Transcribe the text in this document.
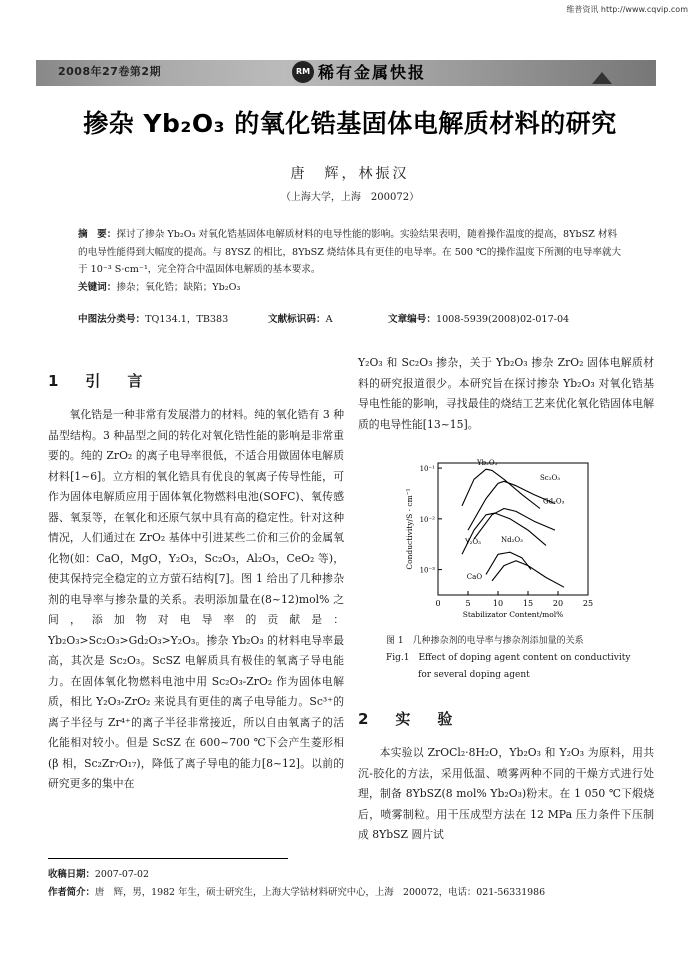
维普资讯 http://www.cqvip.com
2008年27卷第2期	RM 稀有金属快报
掺杂 Yb₂O₃ 的氧化锆基固体电解质材料的研究
唐　辉，林振汉
（上海大学，上海　200072）
摘　要：探讨了掺杂 Yb₂O₃ 对氧化锆基固体电解质材料的电导性能的影响。实验结果表明，随着操作温度的提高，8YbSZ 材料的电导性能得到大幅度的提高。与 8YSZ 的相比，8YbSZ 烧结体具有更佳的电导率。在 500 ℃的操作温度下所测的电导率就大于 10⁻³ S·cm⁻¹，完全符合中温固体电解质的基本要求。
关键词：掺杂；氧化锆；缺陷；Yb₂O₃
中图法分类号：TQ134.1，TB383	文献标识码：A	文章编号：1008-5939(2008)02-017-04
1　引　言

氧化锆是一种非常有发展潜力的材料。纯的氧化锆有 3 种晶型结构。3 种晶型之间的转化对氧化锆性能的影响是非常重要的。纯的 ZrO₂ 的离子电导率很低，不适合用做固体电解质材料[1~6]。立方相的氧化锆具有优良的氧离子传导性能，可作为固体电解质应用于固体氧化物燃料电池(SOFC)、氧传感器、氧泵等，在氧化和还原气氛中具有高的稳定性。针对这种情况，人们通过在 ZrO₂ 基体中引进某些二价和三价的金属氧化物(如：CaO，MgO，Y₂O₃，Sc₂O₃，Al₂O₃，CeO₂ 等)，使其保持完全稳定的立方萤石结构[7]。图 1 给出了几种掺杂剂的电导率与掺杂量的关系。表明添加量在(8~12)mol% 之间，添加物对电导率的贡献是：Yb₂O₃>Sc₂O₃>Gd₂O₃>Y₂O₃。掺杂 Yb₂O₃ 的材料电导率最高，其次是 Sc₂O₃。ScSZ 电解质具有极佳的氧离子导电能力。在固体氧化物燃料电池中用 Sc₂O₃-ZrO₂ 作为固体电解质，相比 Y₂O₃-ZrO₂ 来说具有更佳的离子电导能力。Sc³⁺的离子半径与 Zr⁴⁺的离子半径非常接近，所以自由氧离子的活化能相对较小。但是 ScSZ 在 600~700 ℃下会产生菱形相(β 相，Sc₂Zr₇O₁₇)，降低了离子导电的能力[8~12]。以前的研究更多的集中在

Y₂O₃ 和 Sc₂O₃ 掺杂，关于 Yb₂O₃ 掺杂 ZrO₂ 固体电解质材料的研究报道很少。本研究旨在探讨掺杂 Yb₂O₃ 对氧化锆基导电性能的影响，寻找最佳的烧结工艺来优化氧化锆固体电解质的电导性能[13~15]。

0	5	10 15 20 25
10⁻¹
10⁻²
10⁻³
Stabilizator Content/mol%
Conductivity/S · cm⁻¹
Yb₂O₃
Sc₂O₃
Gd₂O₃
Y₂O₃	Nd₂O₃
CaO
图 1　几种掺杂剂的电导率与掺杂剂添加量的关系
Fig.1　Effect of doping agent content on conductivity
for several doping agent
2　实　验

本实验以 ZrOCl₂·8H₂O，Yb₂O₃ 和 Y₂O₃ 为原料，用共沉-胶化的方法，采用低温、喷雾两种不同的干燥方式进行处理，制备 8YbSZ(8 mol% Yb₂O₃)粉末。在 1 050 ℃下煅烧后，喷雾制粒。用干压成型方法在 12 MPa 压力条件下压制成 8YbSZ 圆片试

收稿日期：2007-07-02
作者简介：唐　辉，男，1982 年生，硕士研究生，上海大学钴材料研究中心，上海　200072，电话：021-56331986
